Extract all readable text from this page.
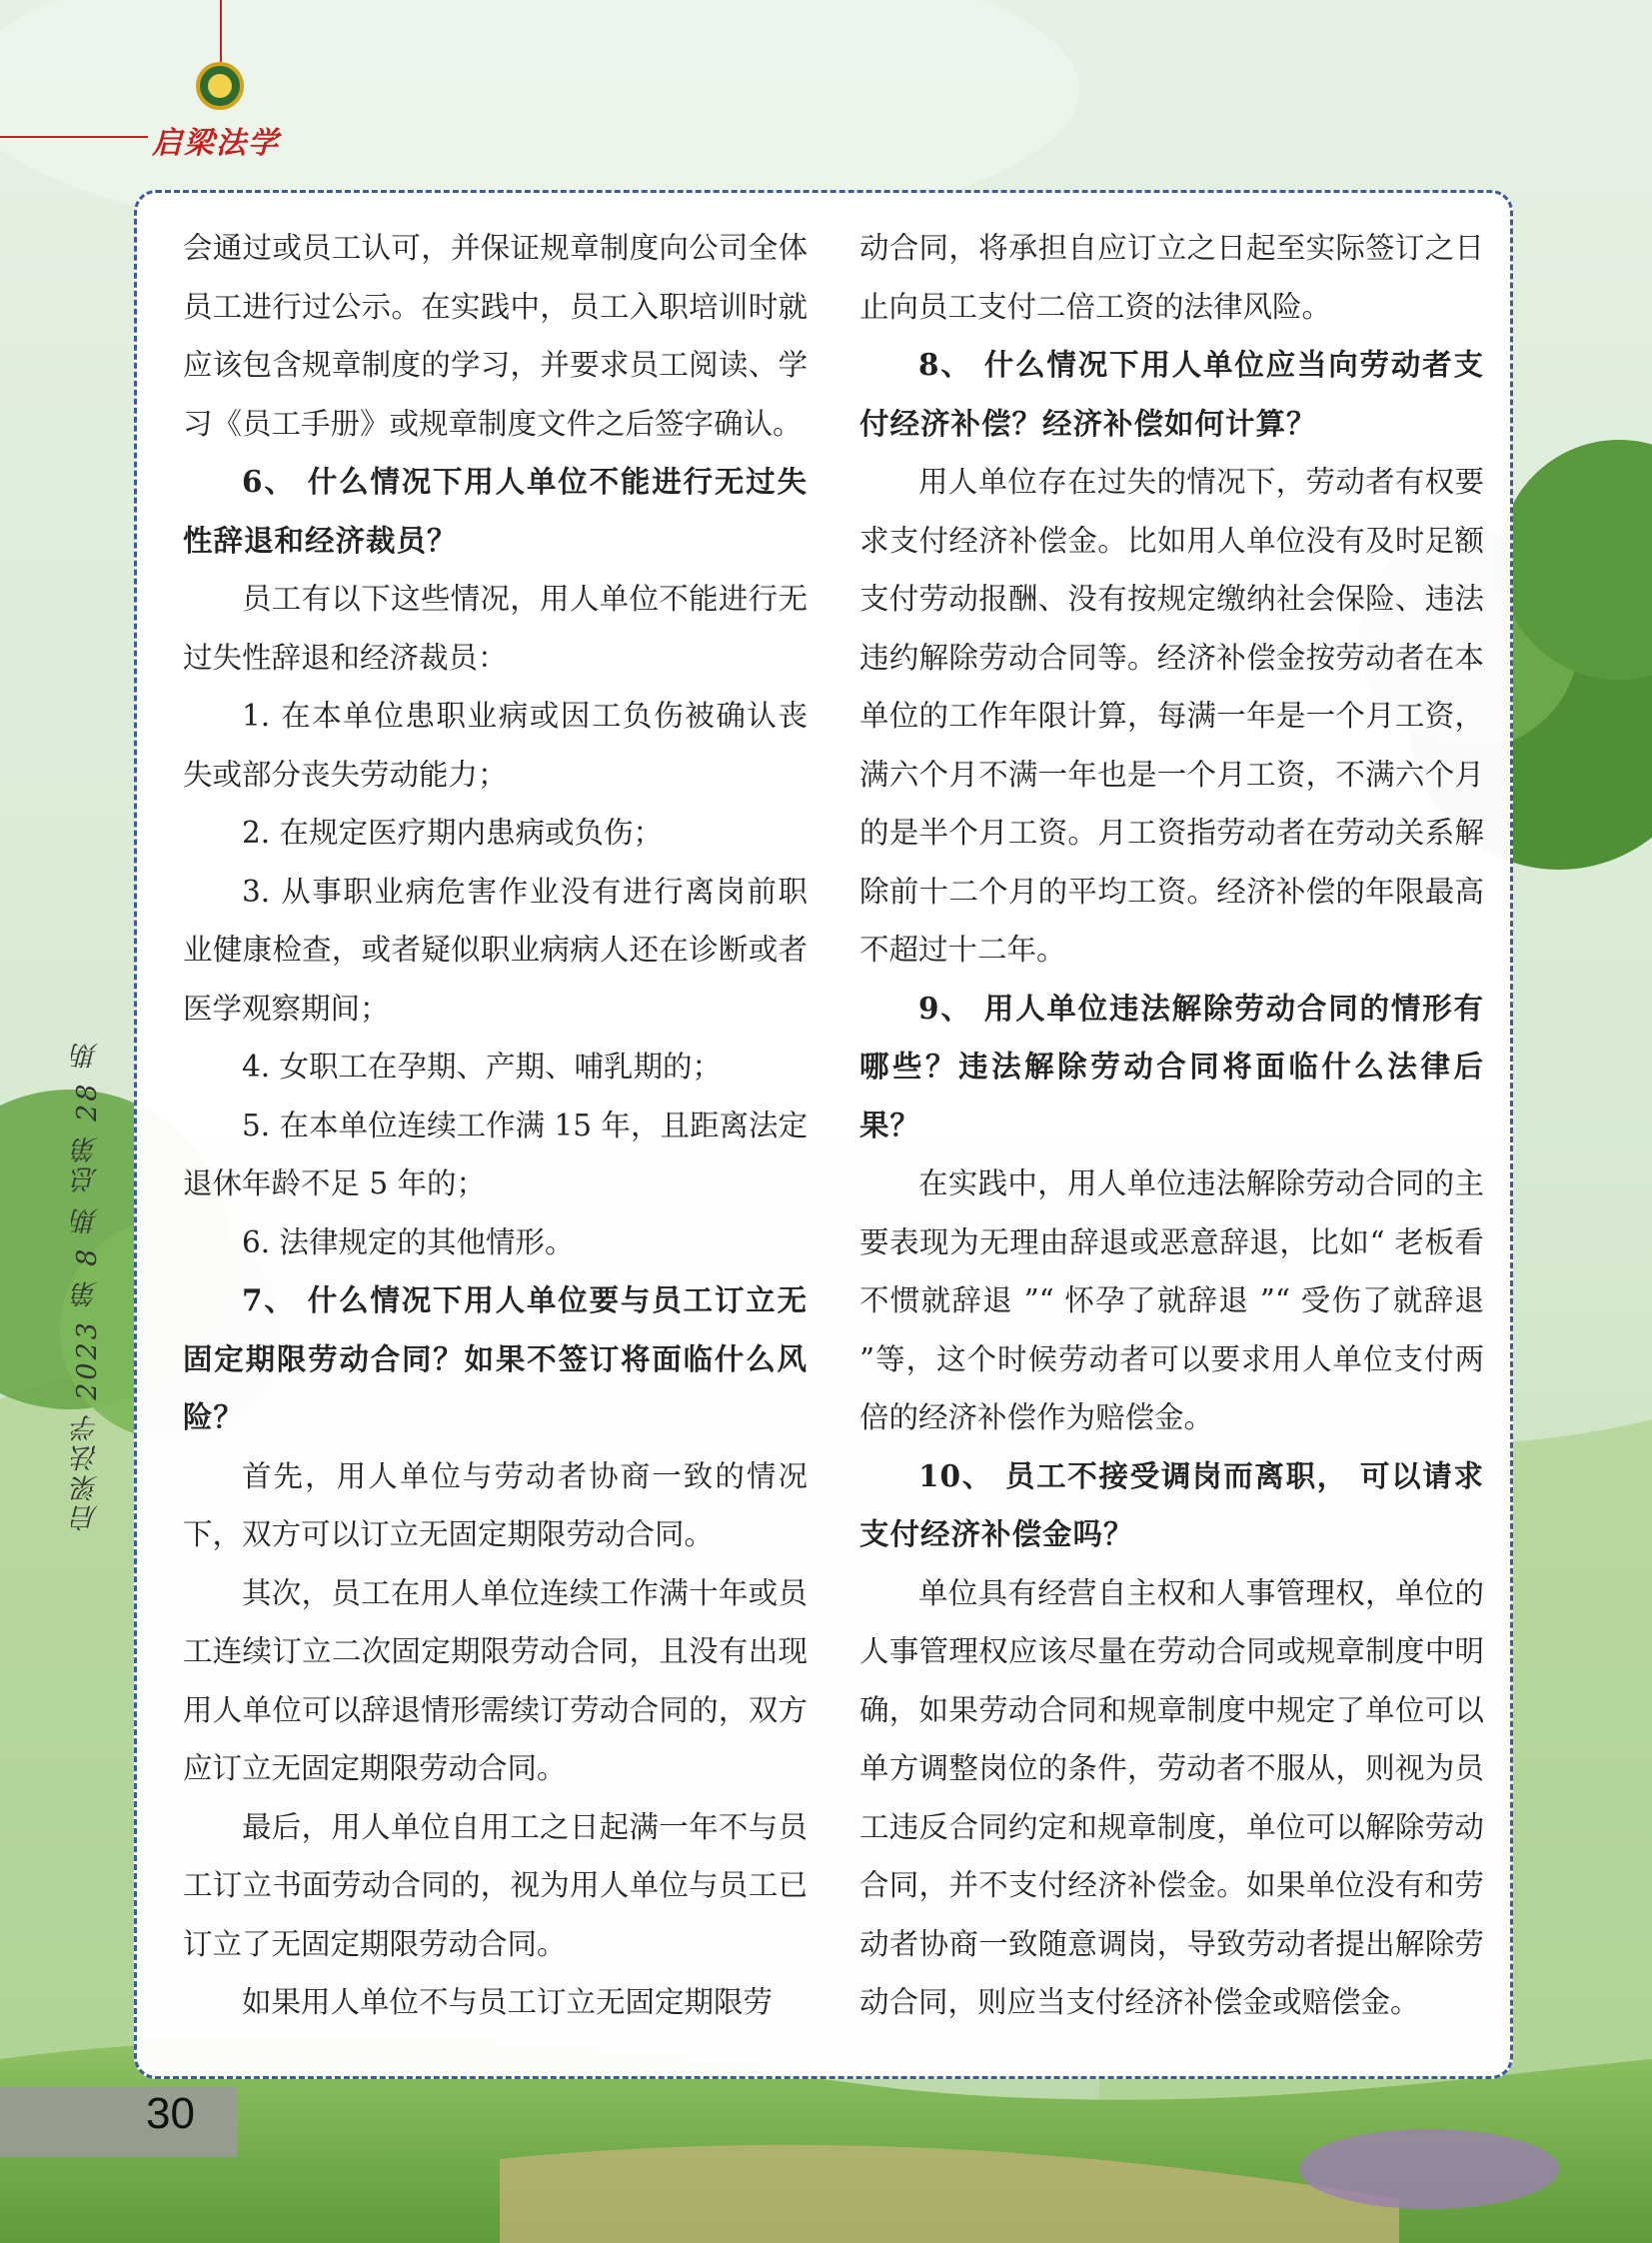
启梁法学
启梁法学 2023 第 8 期 总第 28 期

会通过或员工认可，并保证规章制度向公司全体员工进行过公示。在实践中，员工入职培训时就应该包含规章制度的学习，并要求员工阅读、学习《员工手册》或规章制度文件之后签字确认。

6、 什么情况下用人单位不能进行无过失性辞退和经济裁员？

员工有以下这些情况，用人单位不能进行无过失性辞退和经济裁员：

1. 在本单位患职业病或因工负伤被确认丧失或部分丧失劳动能力；

2. 在规定医疗期内患病或负伤；

3. 从事职业病危害作业没有进行离岗前职业健康检查，或者疑似职业病病人还在诊断或者医学观察期间；

4. 女职工在孕期、产期、哺乳期的；

5. 在本单位连续工作满 15 年，且距离法定退休年龄不足 5 年的；

6. 法律规定的其他情形。

7、 什么情况下用人单位要与员工订立无固定期限劳动合同？如果不签订将面临什么风险？

首先，用人单位与劳动者协商一致的情况下，双方可以订立无固定期限劳动合同。

其次，员工在用人单位连续工作满十年或员工连续订立二次固定期限劳动合同，且没有出现用人单位可以辞退情形需续订劳动合同的，双方应订立无固定期限劳动合同。

最后，用人单位自用工之日起满一年不与员工订立书面劳动合同的，视为用人单位与员工已订立了无固定期限劳动合同。

如果用人单位不与员工订立无固定期限劳

动合同，将承担自应订立之日起至实际签订之日止向员工支付二倍工资的法律风险。

8、 什么情况下用人单位应当向劳动者支付经济补偿？经济补偿如何计算？

用人单位存在过失的情况下，劳动者有权要求支付经济补偿金。比如用人单位没有及时足额支付劳动报酬、没有按规定缴纳社会保险、违法违约解除劳动合同等。经济补偿金按劳动者在本单位的工作年限计算，每满一年是一个月工资，满六个月不满一年也是一个月工资，不满六个月的是半个月工资。月工资指劳动者在劳动关系解除前十二个月的平均工资。经济补偿的年限最高不超过十二年。

9、 用人单位违法解除劳动合同的情形有哪些？违法解除劳动合同将面临什么法律后果？

在实践中，用人单位违法解除劳动合同的主要表现为无理由辞退或恶意辞退，比如“ 老板看不惯就辞退 ”“ 怀孕了就辞退 ”“ 受伤了就辞退 ”等，这个时候劳动者可以要求用人单位支付两倍的经济补偿作为赔偿金。

10、 员工不接受调岗而离职， 可以请求支付经济补偿金吗？

单位具有经营自主权和人事管理权，单位的人事管理权应该尽量在劳动合同或规章制度中明确，如果劳动合同和规章制度中规定了单位可以单方调整岗位的条件，劳动者不服从，则视为员工违反合同约定和规章制度，单位可以解除劳动合同，并不支付经济补偿金。如果单位没有和劳动者协商一致随意调岗，导致劳动者提出解除劳动合同，则应当支付经济补偿金或赔偿金。

30
